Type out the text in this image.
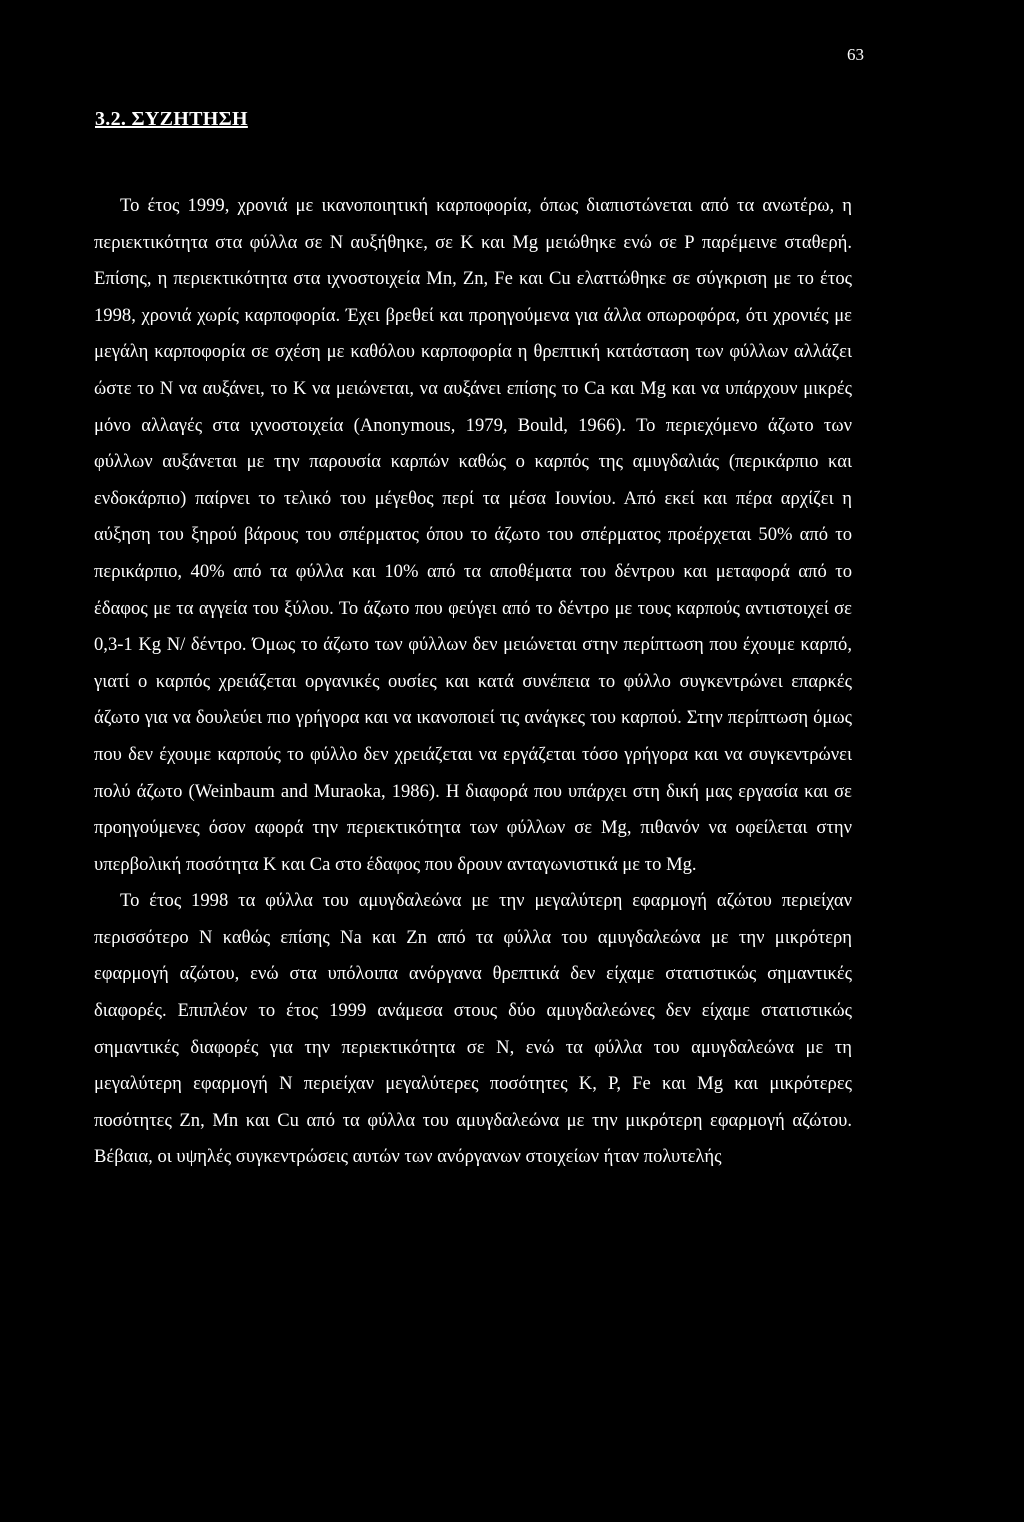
63
3.2. ΣΥΖΗΤΗΣΗ

Το έτος 1999, χρονιά με ικανοποιητική καρποφορία, όπως διαπιστώνεται από τα ανωτέρω, η περιεκτικότητα στα φύλλα σε Ν αυξήθηκε, σε Κ και Mg μειώθηκε ενώ σε Ρ παρέμεινε σταθερή. Επίσης, η περιεκτικότητα στα ιχνοστοιχεία Mn, Zn, Fe και Cu ελαττώθηκε σε σύγκριση με το έτος 1998, χρονιά χωρίς καρποφορία. Έχει βρεθεί και προηγούμενα για άλλα οπωροφόρα, ότι χρονιές με μεγάλη καρποφορία σε σχέση με καθόλου καρποφορία η θρεπτική κατάσταση των φύλλων αλλάζει ώστε το Ν να αυξάνει, το Κ να μειώνεται, να αυξάνει επίσης το Ca και Mg και να υπάρχουν μικρές μόνο αλλαγές στα ιχνοστοιχεία (Anonymous, 1979, Bould, 1966). Το περιεχόμενο άζωτο των φύλλων αυξάνεται με την παρουσία καρπών καθώς ο καρπός της αμυγδαλιάς (περικάρπιο και ενδοκάρπιο) παίρνει το τελικό του μέγεθος περί τα μέσα Ιουνίου. Από εκεί και πέρα αρχίζει η αύξηση του ξηρού βάρους του σπέρματος όπου το άζωτο του σπέρματος προέρχεται 50% από το περικάρπιο, 40% από τα φύλλα και 10% από τα αποθέματα του δέντρου και μεταφορά από το έδαφος με τα αγγεία του ξύλου. Το άζωτο που φεύγει από το δέντρο με τους καρπούς αντιστοιχεί σε 0,3-1 Kg Ν/ δέντρο. Όμως το άζωτο των φύλλων δεν μειώνεται στην περίπτωση που έχουμε καρπό, γιατί ο καρπός χρειάζεται οργανικές ουσίες και κατά συνέπεια το φύλλο συγκεντρώνει επαρκές άζωτο για να δουλεύει πιο γρήγορα και να ικανοποιεί τις ανάγκες του καρπού. Στην περίπτωση όμως που δεν έχουμε καρπούς το φύλλο δεν χρειάζεται να εργάζεται τόσο γρήγορα και να συγκεντρώνει πολύ άζωτο (Weinbaum and Muraoka, 1986). Η διαφορά που υπάρχει στη δική μας εργασία και σε προηγούμενες όσον αφορά την περιεκτικότητα των φύλλων σε Mg, πιθανόν να οφείλεται στην υπερβολική ποσότητα Κ και Ca στο έδαφος που δρουν ανταγωνιστικά με το Mg.

Το έτος 1998 τα φύλλα του αμυγδαλεώνα με την μεγαλύτερη εφαρμογή αζώτου περιείχαν περισσότερο Ν καθώς επίσης Na και Zn από τα φύλλα του αμυγδαλεώνα με την μικρότερη εφαρμογή αζώτου, ενώ στα υπόλοιπα ανόργανα θρεπτικά δεν είχαμε στατιστικώς σημαντικές διαφορές. Επιπλέον το έτος 1999 ανάμεσα στους δύο αμυγδαλεώνες δεν είχαμε στατιστικώς σημαντικές διαφορές για την περιεκτικότητα σε Ν, ενώ τα φύλλα του αμυγδαλεώνα με τη μεγαλύτερη εφαρμογή Ν περιείχαν μεγαλύτερες ποσότητες Κ, Ρ, Fe και Mg και μικρότερες ποσότητες Zn, Mn και Cu από τα φύλλα του αμυγδαλεώνα με την μικρότερη εφαρμογή αζώτου. Βέβαια, οι υψηλές συγκεντρώσεις αυτών των ανόργανων στοιχείων ήταν πολυτελής
